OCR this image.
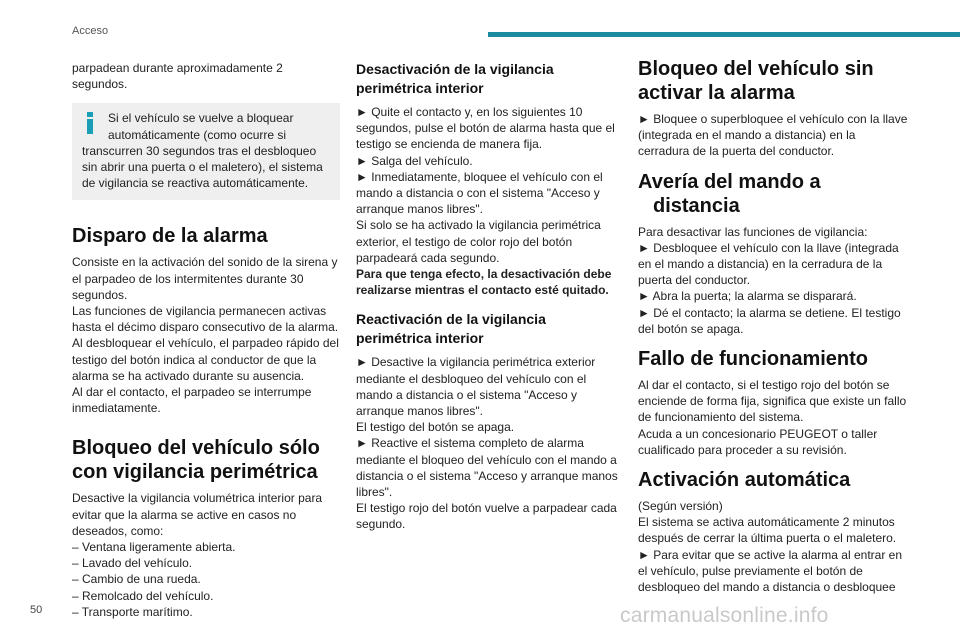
Acceso

parpadean durante aproximadamente 2 segundos.

Si el vehículo se vuelve a bloquear
automáticamente (como ocurre si transcurren 30 segundos tras el desbloqueo sin abrir una puerta o el maletero), el sistema de vigilancia se reactiva automáticamente.

Disparo de la alarma

Consiste en la activación del sonido de la sirena y el parpadeo de los intermitentes durante 30 segundos.

Las funciones de vigilancia permanecen activas hasta el décimo disparo consecutivo de la alarma.

Al desbloquear el vehículo, el parpadeo rápido del testigo del botón indica al conductor de que la alarma se ha activado durante su ausencia.

Al dar el contacto, el parpadeo se interrumpe inmediatamente.

Bloqueo del vehículo sólo con vigilancia perimétrica

Desactive la vigilancia volumétrica interior para evitar que la alarma se active en casos no deseados, como:

– Ventana ligeramente abierta.

– Lavado del vehículo.

– Cambio de una rueda.

– Remolcado del vehículo.

– Transporte marítimo.

Desactivación de la vigilancia perimétrica interior

► Quite el contacto y, en los siguientes 10 segundos, pulse el botón de alarma hasta que el testigo se encienda de manera fija.

► Salga del vehículo.

► Inmediatamente, bloquee el vehículo con el mando a distancia o con el sistema "Acceso y arranque manos libres".

Si solo se ha activado la vigilancia perimétrica exterior, el testigo de color rojo del botón parpadeará cada segundo.

Para que tenga efecto, la desactivación debe realizarse mientras el contacto esté quitado.

Reactivación de la vigilancia perimétrica interior

► Desactive la vigilancia perimétrica exterior mediante el desbloqueo del vehículo con el mando a distancia o el sistema "Acceso y arranque manos libres".

El testigo del botón se apaga.

► Reactive el sistema completo de alarma mediante el bloqueo del vehículo con el mando a distancia o el sistema "Acceso y arranque manos libres".

El testigo rojo del botón vuelve a parpadear cada segundo.

Bloqueo del vehículo sin activar la alarma

► Bloquee o superbloquee el vehículo con la llave (integrada en el mando a distancia) en la cerradura de la puerta del conductor.

Avería del mando a

distancia

Para desactivar las funciones de vigilancia:

► Desbloquee el vehículo con la llave (integrada en el mando a distancia) en la cerradura de la puerta del conductor.

► Abra la puerta; la alarma se disparará.

► Dé el contacto; la alarma se detiene. El testigo del botón se apaga.

Fallo de funcionamiento

Al dar el contacto, si el testigo rojo del botón se enciende de forma fija, significa que existe un fallo de funcionamiento del sistema.

Acuda a un concesionario PEUGEOT o taller cualificado para proceder a su revisión.

Activación automática

(Según versión)

El sistema se activa automáticamente 2 minutos después de cerrar la última puerta o el maletero.

► Para evitar que se active la alarma al entrar en el vehículo, pulse previamente el botón de desbloqueo del mando a distancia o desbloquee

50	carmanualsonline.info
